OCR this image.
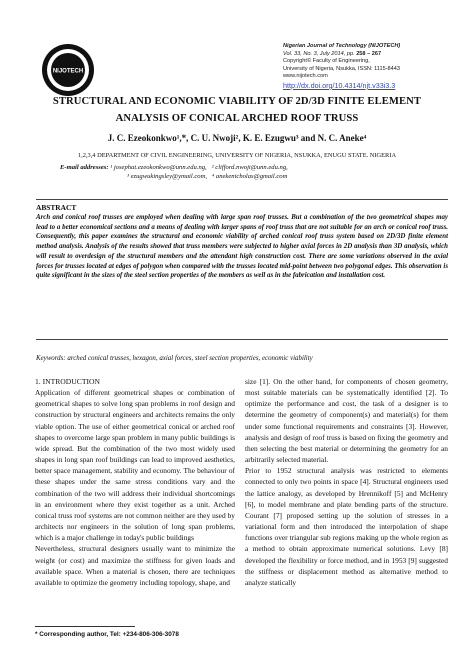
NIJOTECH
Nigerian Journal of Technology (NIJOTECH)
Vol. 33, No. 3, July 2014, pp. 258 – 267
Copyright© Faculty of Engineering,
University of Nigeria, Nsukka, ISSN: 1115-8443
www.nijotech.com
http://dx.doi.org/10.4314/njt.v33i3.3
STRUCTURAL AND ECONOMIC VIABILITY OF 2D/3D FINITE ELEMENT
ANALYSIS OF CONICAL ARCHED ROOF TRUSS
J. C. Ezeokonkwo¹,*, C. U. Nwoji², K. E. Ezugwu³ and N. C. Aneke⁴
1,2,3,4 DEPARTMENT OF CIVIL ENGINEERING, UNIVERSITY OF NIGERIA, NSUKKA, ENUGU STATE. NIGERIA
E-mail addresses: ¹ josephat.ezeokonkwo@unn.edu.ng, ² clifford.nwoji@unn.edu.ng,
³ ezugwukingsley@ymail.com, ⁴ anekenicholas@gmail.com
ABSTRACT
Arch and conical roof trusses are employed when dealing with large span roof trusses. But a combination of the two geometrical shapes may lead to a better economical sections and a means of dealing with larger spans of roof truss that are not suitable for an arch or conical roof truss. Consequently, this paper examines the structural and economic viability of arched conical roof truss system based on 2D/3D finite element method analysis. Analysis of the results showed that truss members were subjected to higher axial forces in 2D analysis than 3D analysis, which will result to overdesign of the structural members and the attendant high construction cost. There are some variations observed in the axial forces for trusses located at edges of polygon when compared with the trusses located mid-point between two polygonal edges. This observation is quite significant in the sizes of the steel section properties of the members as well as in the fabrication and installation cost.
Keywords: arched conical trusses, hexagon, axial forces, steel section properties, economic viability
1. INTRODUCTION

Application of different geometrical shapes or combination of geometrical shapes to solve long span problems in roof design and construction by structural engineers and architects remains the only viable option. The use of either geometrical conical or arched roof shapes to overcome large span problem in many public buildings is wide spread. But the combination of the two most widely used shapes in long span roof buildings can lead to improved aesthetics, better space management, stability and economy. The behaviour of these shapes under the same stress conditions vary and the combination of the two will address their individual shortcomings in an environment where they exist together as a unit. Arched conical truss roof systems are not common neither are they used by architects nor engineers in the solution of long span problems, which is a major challenge in today's public buildings

Nevertheless, structural designers usually want to minimize the weight (or cost) and maximize the stiffness for given loads and available space. When a material is chosen, there are techniques available to optimize the geometry including topology, shape, and

size [1]. On the other hand, for components of chosen geometry, most suitable materials can be systematically identified [2]. To optimize the performance and cost, the task of a designer is to determine the geometry of component(s) and material(s) for them under some functional requirements and constraints [3]. However, analysis and design of roof truss is based on fixing the geometry and then selecting the best material or determining the geometry for an arbitrarily selected material.

Prior to 1952 structural analysis was restricted to elements connected to only two points in space [4]. Structural engineers used the lattice analogy, as developed by Hrennikoff [5] and McHenry [6], to model membrane and plate bending parts of the structure. Courant [7] proposed setting up the solution of stresses in a variational form and then introduced the interpolation of shape functions over triangular sub regions making up the whole region as a method to obtain approximate numerical solutions. Levy [8] developed the flexibility or force method, and in 1953 [9] suggested the stiffness or displacement method as alternative method to analyze statically

* Corresponding author, Tel: +234-806-306-3078
